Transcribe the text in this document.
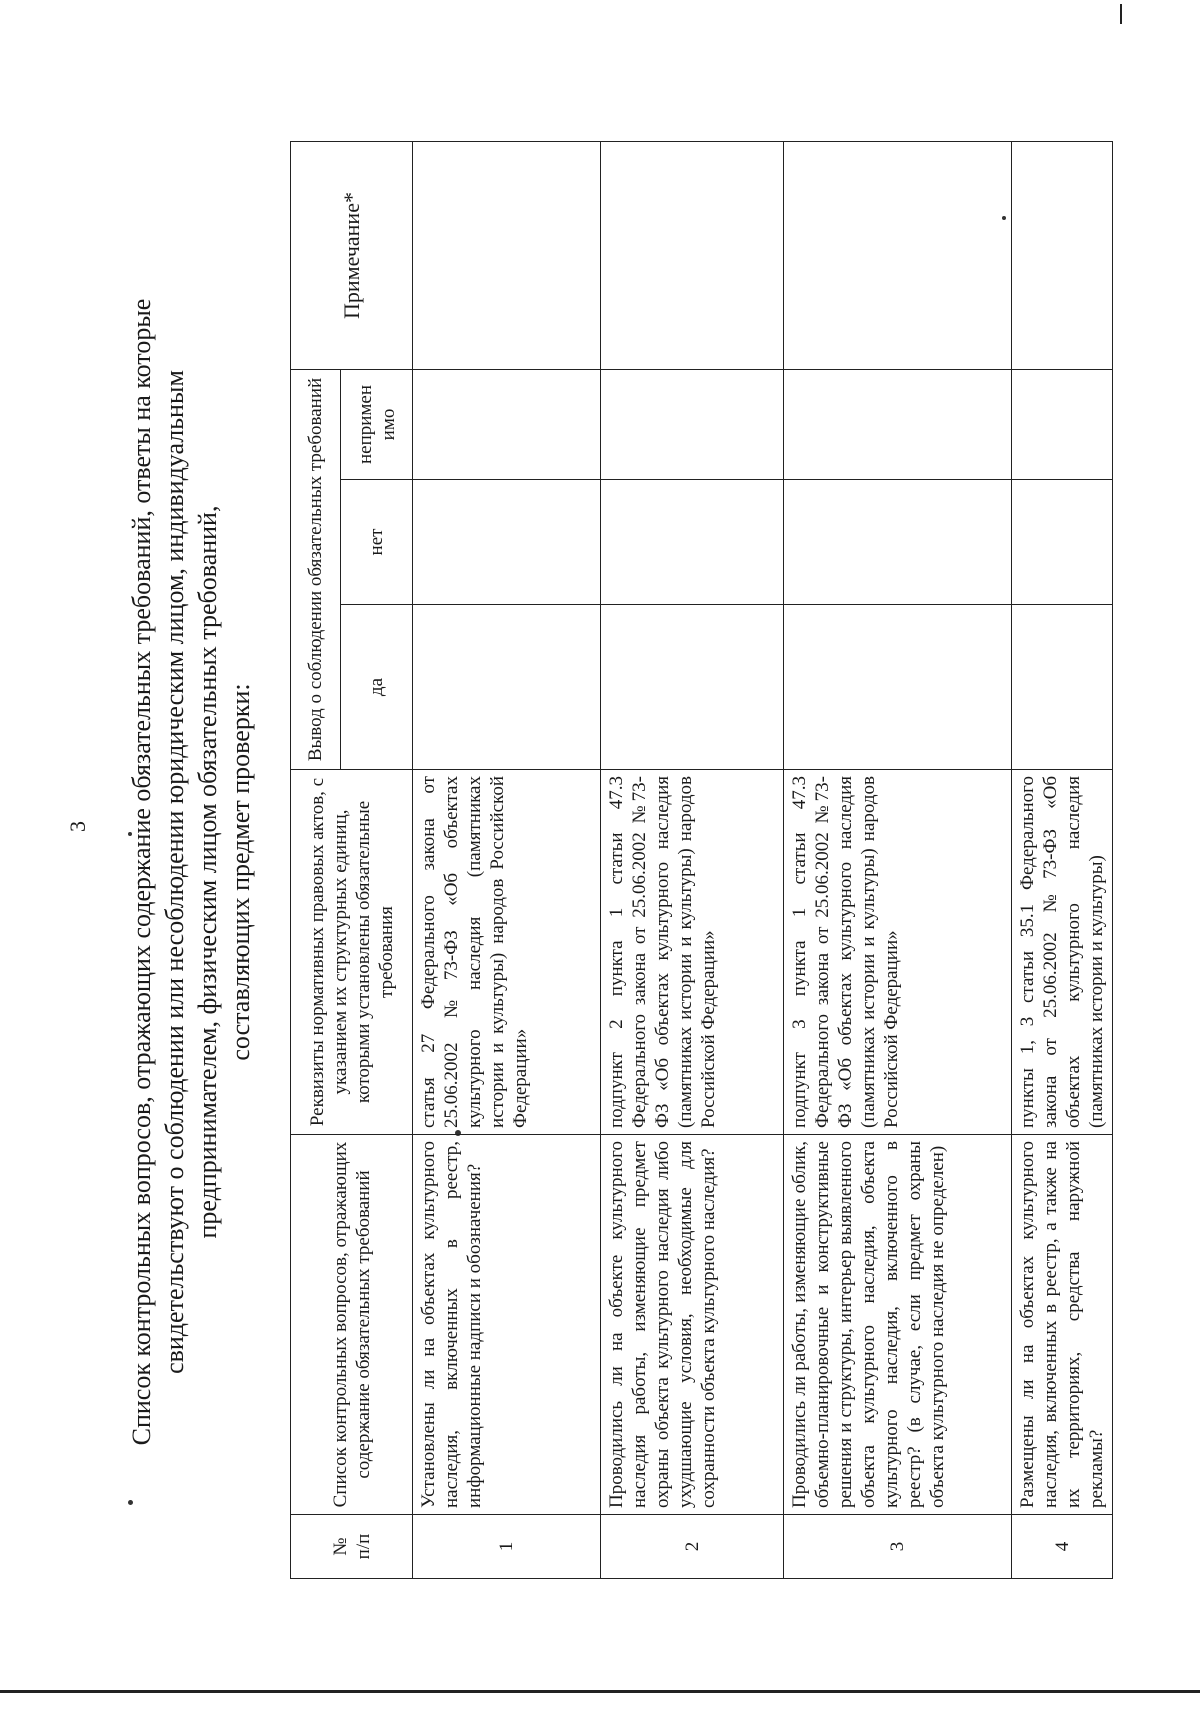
3 Список контрольных вопросов, отражающих содержание обязательных требований, ответы на которые свидетельствуют о соблюдении или несоблюдении юридическим лицом, индивидуальным предпринимателем, физическим лицом обязательных требований, составляющих предмет проверки:
№
п/п	Список контрольных вопросов, отражающих содержание обязательных требований	Реквизиты нормативных правовых актов, с указанием их структурных единиц, которыми установлены обязательные требования	Вывод о соблюдении обязательных требований			Примечание*
			да	нет	непримен имо	
1	Установлены ли на объектах культурного наследия, включенных в реестр, информационные надписи и обозначения?	статья 27 Федерального закона от 25.06.2002 №73-ФЗ «Об объектах культурного наследия (памятниках истории и культуры) народов Российской Федерации»				
2	Проводились ли на объекте культурного наследия работы, изменяющие предмет охраны объекта культурного наследия либо ухудшающие условия, необходимые для сохранности объекта культурного наследия?	подпункт 2 пункта 1 статьи 47.3 Федерального закона от 25.06.2002 №73-ФЗ «Об объектах культурного наследия (памятниках истории и культуры) народов Российской Федерации»				
3	Проводились ли работы, изменяющие облик, объемно-планировочные и конструктивные решения и структуры, интерьер выявленного объекта культурного наследия, объекта культурного наследия, включенного в реестр? (в случае, если предмет охраны объекта культурного наследия не определен)	подпункт 3 пункта 1 статьи 47.3 Федерального закона от 25.06.2002 №73-ФЗ «Об объектах культурного наследия (памятниках истории и культуры) народов Российской Федерации»				
4	Размещены ли на объектах культурного наследия, включенных в реестр, а также на их территориях, средства наружной рекламы?	пункты 1, 3 статьи 35.1 Федерального закона от 25.06.2002 №73-ФЗ «Об объектах культурного наследия (памятниках истории и культуры)				
